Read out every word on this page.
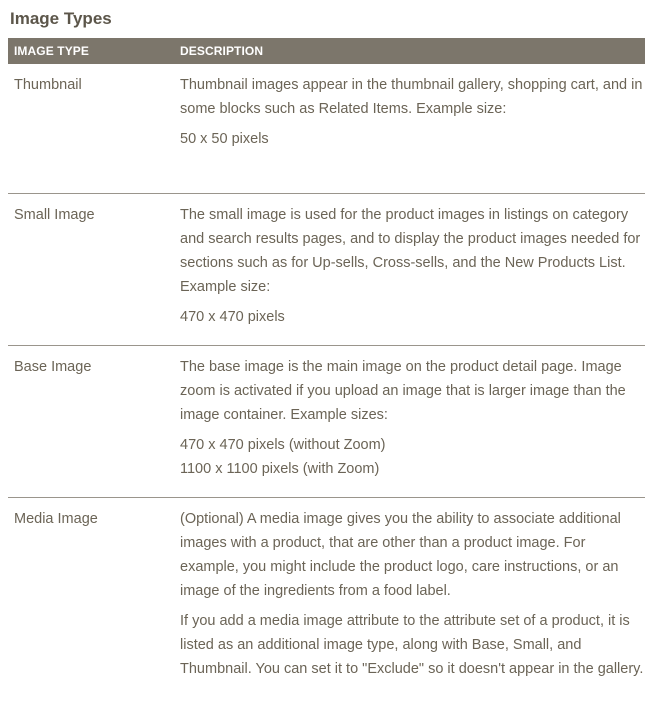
Image Types
IMAGE TYPE	DESCRIPTION
Thumbnail	Thumbnail images appear in the thumbnail gallery, shopping cart, and in some blocks such as Related Items. Example size:

50 x 50 pixels

Small Image	The small image is used for the product images in listings on category and search results pages, and to display the product images needed for sections such as for Up-sells, Cross-sells, and the New Products List. Example size:

470 x 470 pixels

Base Image	The base image is the main image on the product detail page. Image zoom is activated if you upload an image that is larger image than the image container. Example sizes:

470 x 470 pixels (without Zoom)
1100 x 1100 pixels (with Zoom)

Media Image	(Optional) A media image gives you the ability to associate additional images with a product, that are other than a product image. For example, you might include the product logo, care instructions, or an image of the ingredients from a food label.

If you add a media image attribute to the attribute set of a product, it is listed as an additional image type, along with Base, Small, and Thumbnail. You can set it to "Exclude" so it doesn't appear in the gallery.
